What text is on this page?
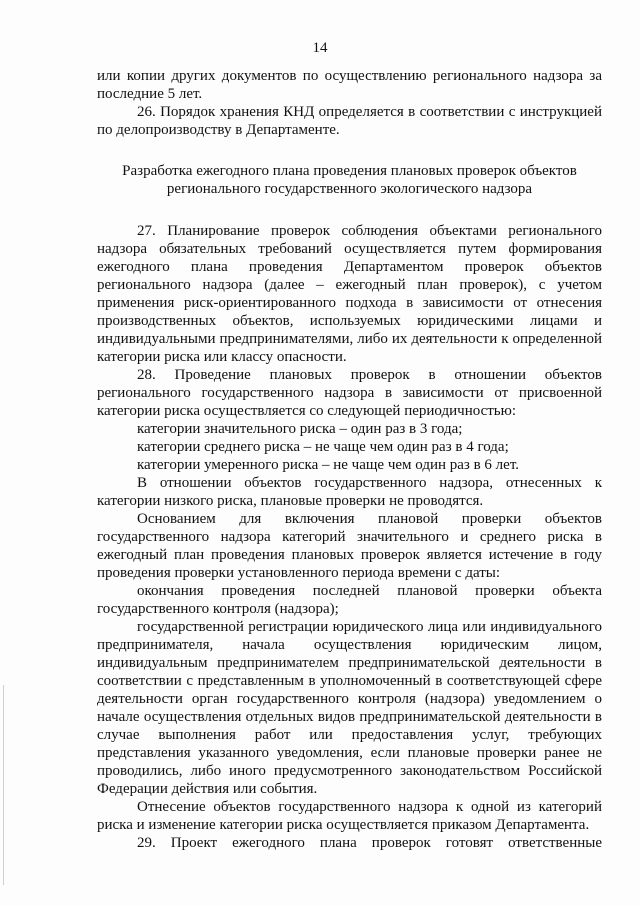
14

или копии других документов по осуществлению регионального надзора за последние 5 лет.

26. Порядок хранения КНД определяется в соответствии с инструкцией по делопроизводству в Департаменте.

Разработка ежегодного плана проведения плановых проверок объектов регионального государственного экологического надзора

27. Планирование проверок соблюдения объектами регионального надзора обязательных требований осуществляется путем формирования ежегодного плана проведения Департаментом проверок объектов регионального надзора (далее – ежегодный план проверок), с учетом применения риск-ориентированного подхода в зависимости от отнесения производственных объектов, используемых юридическими лицами и индивидуальными предпринимателями, либо их деятельности к определенной категории риска или классу опасности.

28. Проведение плановых проверок в отношении объектов регионального государственного надзора в зависимости от присвоенной категории риска осуществляется со следующей периодичностью:

категории значительного риска – один раз в 3 года;

категории среднего риска – не чаще чем один раз в 4 года;

категории умеренного риска – не чаще чем один раз в 6 лет.

В отношении объектов государственного надзора, отнесенных к категории низкого риска, плановые проверки не проводятся.

Основанием для включения плановой проверки объектов государственного надзора категорий значительного и среднего риска в ежегодный план проведения плановых проверок является истечение в году проведения проверки установленного периода времени с даты:

окончания проведения последней плановой проверки объекта государственного контроля (надзора);

государственной регистрации юридического лица или индивидуального предпринимателя, начала осуществления юридическим лицом, индивидуальным предпринимателем предпринимательской деятельности в соответствии с представленным в уполномоченный в соответствующей сфере деятельности орган государственного контроля (надзора) уведомлением о начале осуществления отдельных видов предпринимательской деятельности в случае выполнения работ или предоставления услуг, требующих представления указанного уведомления, если плановые проверки ранее не проводились, либо иного предусмотренного законодательством Российской Федерации действия или события.

Отнесение объектов государственного надзора к одной из категорий риска и изменение категории риска осуществляется приказом Департамента.

29. Проект ежегодного плана проверок готовят ответственные
